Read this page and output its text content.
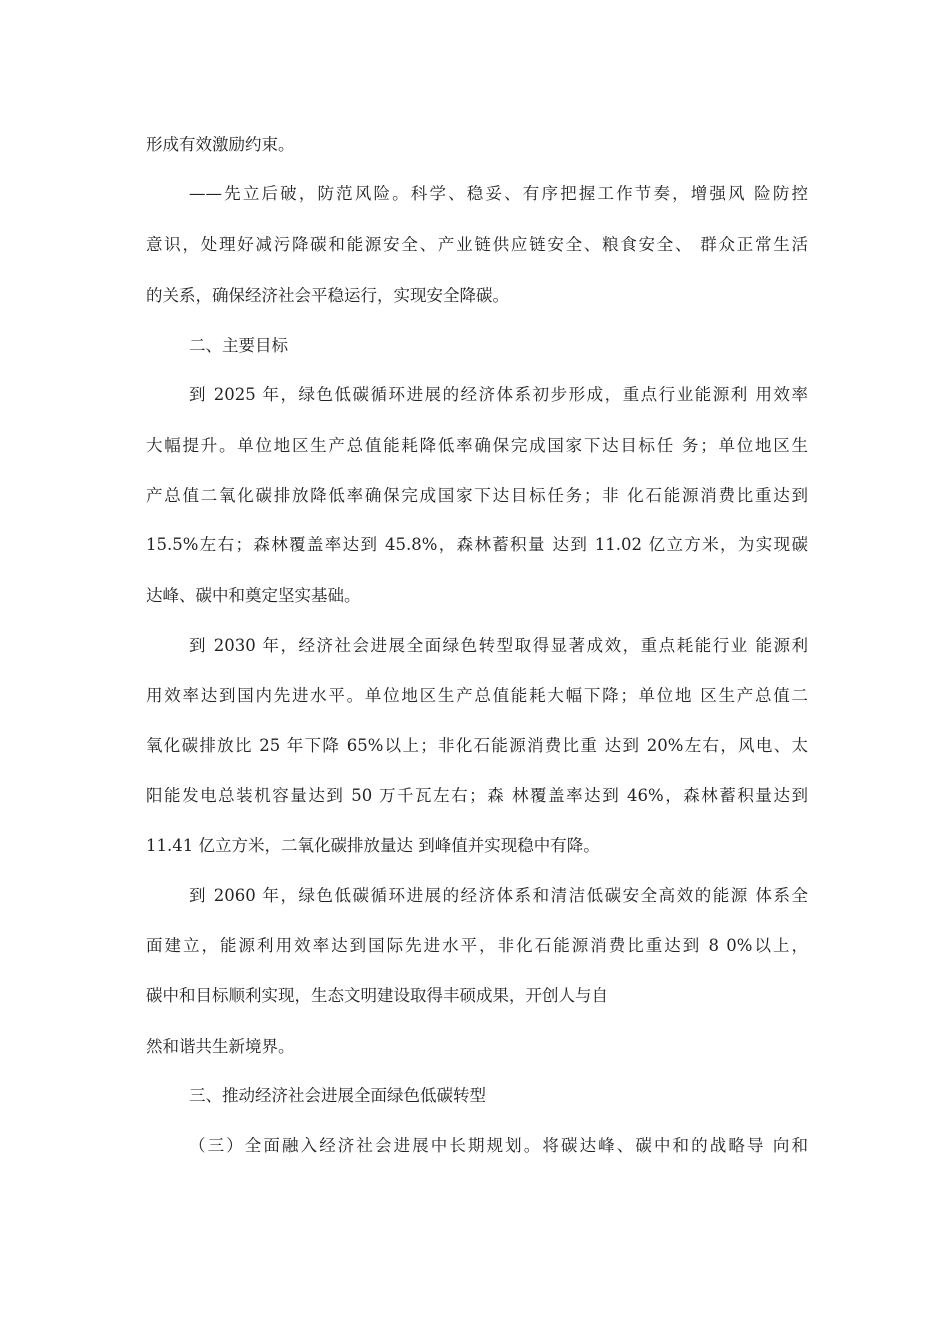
形成有效激励约束。
——先立后破，防范风险。科学、稳妥、有序把握工作节奏，增强风 险防控
意识，处理好减污降碳和能源安全、产业链供应链安全、粮食安全、 群众正常生活
的关系，确保经济社会平稳运行，实现安全降碳。
二、主要目标
到 2025 年，绿色低碳循环进展的经济体系初步形成，重点行业能源利 用效率
大幅提升。单位地区生产总值能耗降低率确保完成国家下达目标任 务；单位地区生
产总值二氧化碳排放降低率确保完成国家下达目标任务；非 化石能源消费比重达到
15.5%左右；森林覆盖率达到 45.8%，森林蓄积量 达到 11.02 亿立方米，为实现碳
达峰、碳中和奠定坚实基础。
到 2030 年，经济社会进展全面绿色转型取得显著成效，重点耗能行业 能源利
用效率达到国内先进水平。单位地区生产总值能耗大幅下降；单位地 区生产总值二
氧化碳排放比 25 年下降 65%以上；非化石能源消费比重 达到 20%左右，风电、太
阳能发电总装机容量达到 50 万千瓦左右；森 林覆盖率达到 46%，森林蓄积量达到
11.41 亿立方米，二氧化碳排放量达 到峰值并实现稳中有降。
到 2060 年，绿色低碳循环进展的经济体系和清洁低碳安全高效的能源 体系全
面建立，能源利用效率达到国际先进水平，非化石能源消费比重达到 8 0%以上，
碳中和目标顺利实现，生态文明建设取得丰硕成果，开创人与自
然和谐共生新境界。
三、推动经济社会进展全面绿色低碳转型
（三）全面融入经济社会进展中长期规划。将碳达峰、碳中和的战略导 向和
